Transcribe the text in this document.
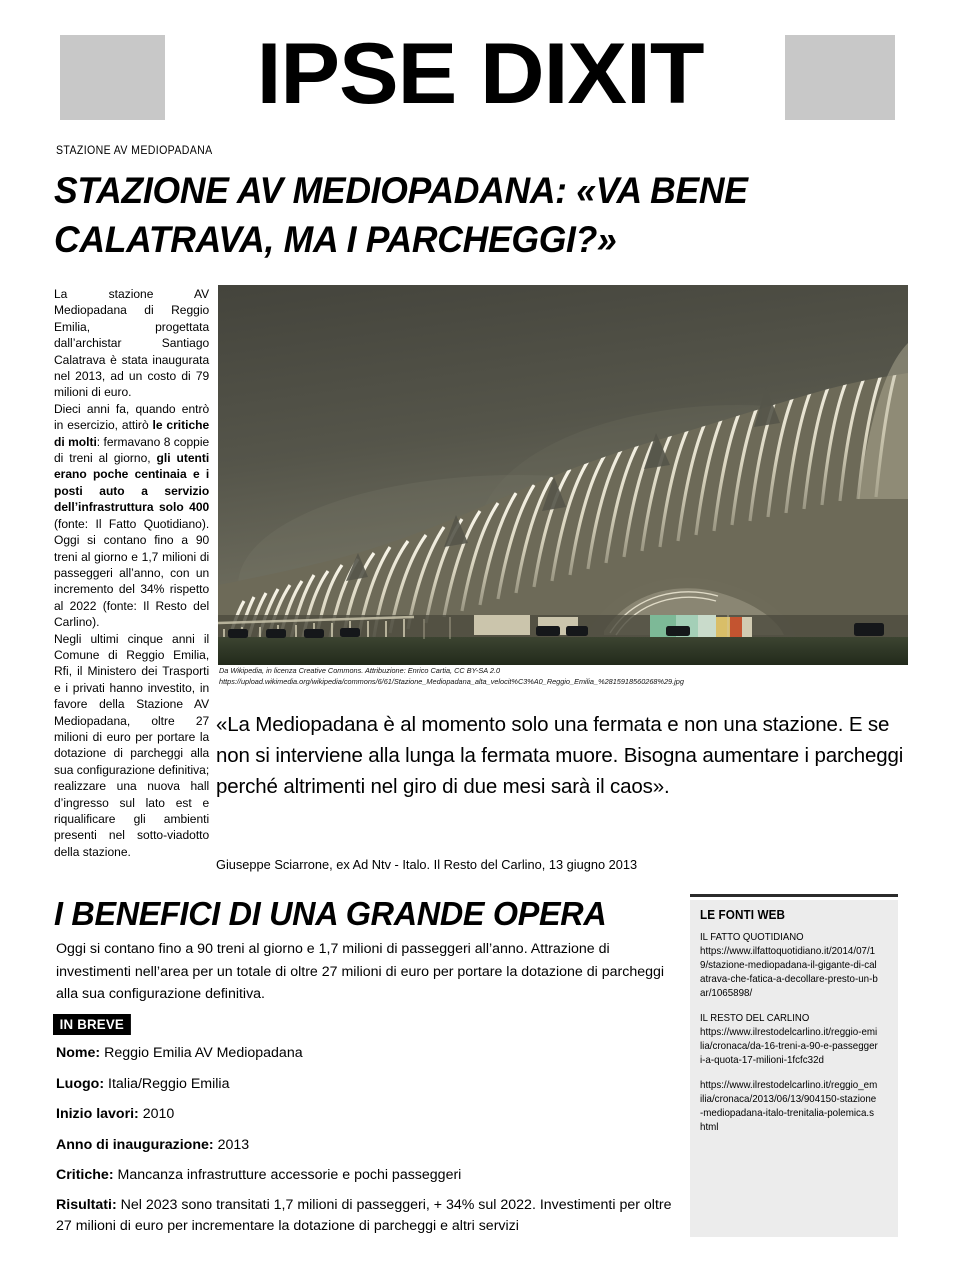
IPSE DIXIT
STAZIONE AV MEDIOPADANA
STAZIONE AV MEDIOPADANA: «VA BENE CALATRAVA, MA I PARCHEGGI?»

La stazione AV Mediopadana di Reggio Emilia, progettata dall’archistar Santiago Calatrava è stata inaugurata nel 2013, ad un costo di 79 milioni di euro.

Dieci anni fa, quando entrò in esercizio, attirò le critiche di molti: fermavano 8 coppie di treni al giorno, gli utenti erano poche centinaia e i posti auto a servizio dell’infrastruttura solo 400 (fonte: Il Fatto Quotidiano). Oggi si contano fino a 90 treni al giorno e 1,7 milioni di passeggeri all’anno, con un incremento del 34% rispetto al 2022 (fonte: Il Resto del Carlino).

Negli ultimi cinque anni il Comune di Reggio Emilia, Rfi, il Ministero dei Trasporti e i privati hanno investito, in favore della Stazione AV Mediopadana, oltre 27 milioni di euro per portare la dotazione di parcheggi alla sua configurazione definitiva; realizzare una nuova hall d’ingresso sul lato est e riqualificare gli ambienti presenti nel sotto-viadotto della stazione.

Da Wikipedia, in licenza Creative Commons. Attribuzione: Enrico Cartia, CC BY-SA 2.0 https://upload.wikimedia.org/wikipedia/commons/6/61/Stazione_Mediopadana_alta_velocit%C3%A0_Reggio_Emilia_%2815918560268%29.jpg
«La Mediopadana è al momento solo una fermata e non una stazione. E se non si interviene alla lunga la fermata muore. Bisogna aumentare i parcheggi perché altrimenti nel giro di due mesi sarà il caos».
Giuseppe Sciarrone, ex Ad Ntv - Italo. Il Resto del Carlino, 13 giugno 2013
I BENEFICI DI UNA GRANDE OPERA
Oggi si contano fino a 90 treni al giorno e 1,7 milioni di passeggeri all’anno. Attrazione di investimenti nell’area per un totale di oltre 27 milioni di euro per portare la dotazione di parcheggi alla sua configurazione definitiva.
IN BREVE
Nome: Reggio Emilia AV Mediopadana
Luogo: Italia/Reggio Emilia
Inizio lavori: 2010
Anno di inaugurazione: 2013
Critiche: Mancanza infrastrutture accessorie e pochi passeggeri
Risultati: Nel 2023 sono transitati 1,7 milioni di passeggeri, + 34% sul 2022. Investimenti per oltre 27 milioni di euro per incrementare la dotazione di parcheggi e altri servizi
LE FONTI WEB
IL FATTO QUOTIDIANO
https://www.ilfattoquotidiano.it/2014/07/19/stazione-mediopadana-il-gigante-di-calatrava-che-fatica-a-decollare-presto-un-bar/1065898/
IL RESTO DEL CARLINO
https://www.ilrestodelcarlino.it/reggio-emilia/cronaca/da-16-treni-a-90-e-passeggeri-a-quota-17-milioni-1fcfc32d
https://www.ilrestodelcarlino.it/reggio_emilia/cronaca/2013/06/13/904150-stazione-mediopadana-italo-trenitalia-polemica.shtml
